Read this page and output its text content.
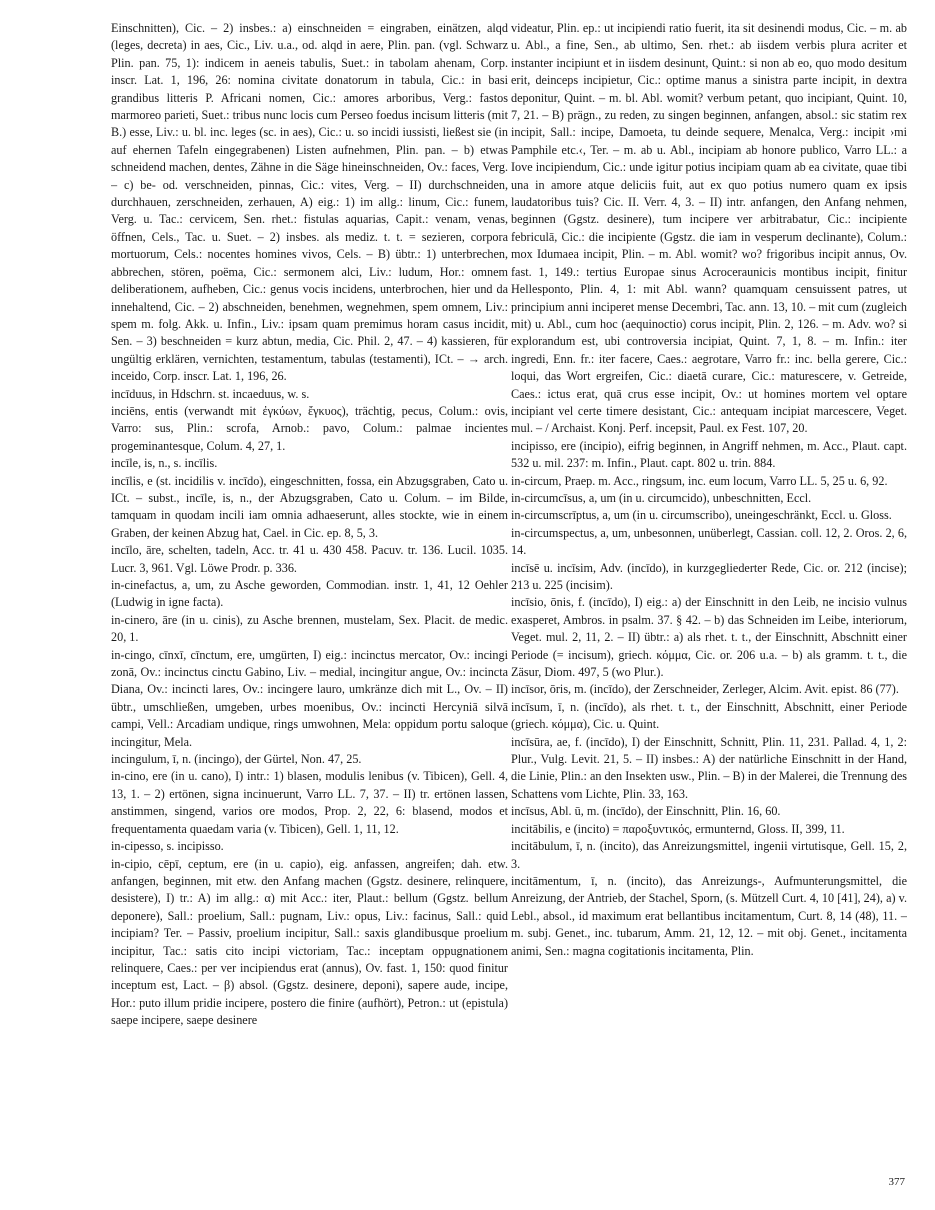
Einschnitten), Cic. – 2) insbes.: a) einschneiden = eingraben, einätzen, alqd (leges, decreta) in aes, Cic., Liv. u.a., od. alqd in aere, Plin. pan. (vgl. Schwarz Plin. pan. 75, 1): indicem in aeneis tabulis, Suet.: in tabolam ahenam, Corp. inscr. Lat. 1, 196, 26: nomina civitate donatorum in tabula, Cic.: in basi grandibus litteris P. Africani nomen, Cic.: amores arboribus, Verg.: fastos marmoreo parieti, Suet.: tribus nunc locis cum Perseo foedus incisum litteris (mit B.) esse, Liv.: u. bl. inc. leges (sc. in aes), Cic.: u. so incidi iussisti, ließest sie (in auf ehernen Tafeln eingegrabenen) Listen aufnehmen, Plin. pan. – b) etwas schneidend machen, dentes, Zähne in die Säge hineinschneiden, Ov.: faces, Verg. – c) be- od. verschneiden, pinnas, Cic.: vites, Verg. – II) durchschneiden, durchhauen, zerschneiden, zerhauen, A) eig.: 1) im allg.: linum, Cic.: funem, Verg. u. Tac.: cervicem, Sen. rhet.: fistulas aquarias, Capit.: venam, venas, öffnen, Cels., Tac. u. Suet. – 2) insbes. als mediz. t. t. = sezieren, corpora mortuorum, Cels.: nocentes homines vivos, Cels. – B) übtr.: 1) unterbrechen, abbrechen, stören, poëma, Cic.: sermonem alci, Liv.: ludum, Hor.: omnem deliberationem, aufheben, Cic.: genus vocis incidens, unterbrochen, hier und da innehaltend, Cic. – 2) abschneiden, benehmen, wegnehmen, spem omnem, Liv.: spem m. folg. Akk. u. Infin., Liv.: ipsam quam premimus horam casus incidit, Sen. – 3) beschneiden = kurz abtun, media, Cic. Phil. 2, 47. – 4) kassieren, für ungültig erklären, vernichten, testamentum, tabulas (testamenti), ICt. – → arch. inceido, Corp. inscr. Lat. 1, 196, 26.

incīduus, in Hdschrn. st. incaeduus, w. s.

inciēns, entis (verwandt mit ἐγκύων, ἔγκυος), trächtig, pecus, Colum.: ovis, Varro: sus, Plin.: scrofa, Arnob.: pavo, Colum.: palmae incientes progeminantesque, Colum. 4, 27, 1.

incīle, is, n., s. incīlis.

incīlis, e (st. incidilis v. incīdo), eingeschnitten, fossa, ein Abzugsgraben, Cato u. ICt. – subst., incīle, is, n., der Abzugsgraben, Cato u. Colum. – im Bilde, tamquam in quodam incili iam omnia adhaeserunt, alles stockte, wie in einem Graben, der keinen Abzug hat, Cael. in Cic. ep. 8, 5, 3.

incīlo, āre, schelten, tadeln, Acc. tr. 41 u. 430 458. Pacuv. tr. 136. Lucil. 1035. Lucr. 3, 961. Vgl. Löwe Prodr. p. 336.

in-cinefactus, a, um, zu Asche geworden, Commodian. instr. 1, 41, 12 Oehler (Ludwig in igne facta).

in-cinero, āre (in u. cinis), zu Asche brennen, mustelam, Sex. Placit. de medic. 20, 1.

in-cingo, cīnxī, cīnctum, ere, umgürten, I) eig.: incinctus mercator, Ov.: incingi zonā, Ov.: incinctus cinctu Gabino, Liv. – medial, incingitur angue, Ov.: incincta Diana, Ov.: incincti lares, Ov.: incingere lauro, umkränze dich mit L., Ov. – II) übtr., umschließen, umgeben, urbes moenibus, Ov.: incincti Hercyniā silvā campi, Vell.: Arcadiam undique, rings umwohnen, Mela: oppidum portu saloque incingitur, Mela.

incingulum, ī, n. (incingo), der Gürtel, Non. 47, 25.

in-cino, ere (in u. cano), I) intr.: 1) blasen, modulis lenibus (v. Tibicen), Gell. 4, 13, 1. – 2) ertönen, signa incinuerunt, Varro LL. 7, 37. – II) tr. ertönen lassen, anstimmen, singend, varios ore modos, Prop. 2, 22, 6: blasend, modos et frequentamenta quaedam varia (v. Tibicen), Gell. 1, 11, 12.

in-cipesso, s. incipisso.

in-cipio, cēpī, ceptum, ere (in u. capio), eig. anfassen, angreifen; dah. etw. anfangen, beginnen, mit etw. den Anfang machen (Ggstz. desinere, relinquere, desistere), I) tr.: A) im allg.: α) mit Acc.: iter, Plaut.: bellum (Ggstz. bellum deponere), Sall.: proelium, Sall.: pugnam, Liv.: opus, Liv.: facinus, Sall.: quid incipiam? Ter. – Passiv, proelium incipitur, Sall.: saxis glandibusque proelium incipitur, Tac.: satis cito incipi victoriam, Tac.: inceptam oppugnationem relinquere, Caes.: per ver incipiendus erat (annus), Ov. fast. 1, 150: quod finitur inceptum est, Lact. – β) absol. (Ggstz. desinere, deponi), sapere aude, incipe, Hor.: puto illum pridie incipere, postero die finire (aufhört), Petron.: ut (epistula) saepe incipere, saepe desinere

videatur, Plin. ep.: ut incipiendi ratio fuerit, ita sit desinendi modus, Cic. – m. ab u. Abl., a fine, Sen., ab ultimo, Sen. rhet.: ab iisdem verbis plura acriter et instanter incipiunt et in iisdem desinunt, Quint.: si non ab eo, quo modo desitum erit, deinceps incipietur, Cic.: optime manus a sinistra parte incipit, in dextra deponitur, Quint. – m. bl. Abl. womit? verbum petant, quo incipiant, Quint. 10, 7, 21. – B) prägn., zu reden, zu singen beginnen, anfangen, absol.: sic statim rex incipit, Sall.: incipe, Damoeta, tu deinde sequere, Menalca, Verg.: incipit ›mi Pamphile etc.‹, Ter. – m. ab u. Abl., incipiam ab honore publico, Varro LL.: a Iove incipiendum, Cic.: unde igitur potius incipiam quam ab ea civitate, quae tibi una in amore atque deliciis fuit, aut ex quo potius numero quam ex ipsis laudatoribus tuis? Cic. II. Verr. 4, 3. – II) intr. anfangen, den Anfang nehmen, beginnen (Ggstz. desinere), tum incipere ver arbitrabatur, Cic.: incipiente febriculā, Cic.: die incipiente (Ggstz. die iam in vesperum declinante), Colum.: mox Idumaea incipit, Plin. – m. Abl. womit? wo? frigoribus incipit annus, Ov. fast. 1, 149.: tertius Europae sinus Acroceraunicis montibus incipit, finitur Hellesponto, Plin. 4, 1: mit Abl. wann? quamquam censuissent patres, ut principium anni inciperet mense Decembri, Tac. ann. 13, 10. – mit cum (zugleich mit) u. Abl., cum hoc (aequinoctio) corus incipit, Plin. 2, 126. – m. Adv. wo? si explorandum est, ubi controversia incipiat, Quint. 7, 1, 8. – m. Infin.: iter ingredi, Enn. fr.: iter facere, Caes.: aegrotare, Varro fr.: inc. bella gerere, Cic.: loqui, das Wort ergreifen, Cic.: diaetā curare, Cic.: maturescere, v. Getreide, Caes.: ictus erat, quā crus esse incipit, Ov.: ut homines mortem vel optare incipiant vel certe timere desistant, Cic.: antequam incipiat marcescere, Veget. mul. – / Archaist. Konj. Perf. incepsit, Paul. ex Fest. 107, 20.

incipisso, ere (incipio), eifrig beginnen, in Angriff nehmen, m. Acc., Plaut. capt. 532 u. mil. 237: m. Infin., Plaut. capt. 802 u. trin. 884.

in-circum, Praep. m. Acc., ringsum, inc. eum locum, Varro LL. 5, 25 u. 6, 92.

in-circumcīsus, a, um (in u. circumcido), unbeschnitten, Eccl.

in-circumscrīptus, a, um (in u. circumscribo), uneingeschränkt, Eccl. u. Gloss.

in-circumspectus, a, um, unbesonnen, unüberlegt, Cassian. coll. 12, 2. Oros. 2, 6, 14.

incīsē u. incīsim, Adv. (incīdo), in kurzgegliederter Rede, Cic. or. 212 (incise); 213 u. 225 (incisim).

incīsio, ōnis, f. (incīdo), I) eig.: a) der Einschnitt in den Leib, ne incisio vulnus exasperet, Ambros. in psalm. 37. § 42. – b) das Schneiden im Leibe, interiorum, Veget. mul. 2, 11, 2. – II) übtr.: a) als rhet. t. t., der Einschnitt, Abschnitt einer Periode (= incisum), griech. κόμμα, Cic. or. 206 u.a. – b) als gramm. t. t., die Zäsur, Diom. 497, 5 (wo Plur.).

incīsor, ōris, m. (incīdo), der Zerschneider, Zerleger, Alcim. Avit. epist. 86 (77).

incīsum, ī, n. (incīdo), als rhet. t. t., der Einschnitt, Abschnitt, einer Periode (griech. κόμμα), Cic. u. Quint.

incīsūra, ae, f. (incīdo), I) der Einschnitt, Schnitt, Plin. 11, 231. Pallad. 4, 1, 2: Plur., Vulg. Levit. 21, 5. – II) insbes.: A) der natürliche Einschnitt in der Hand, die Linie, Plin.: an den Insekten usw., Plin. – B) in der Malerei, die Trennung des Schattens vom Lichte, Plin. 33, 163.

incīsus, Abl. ū, m. (incīdo), der Einschnitt, Plin. 16, 60.

incitābilis, e (incito) = παροξυντικός, ermunternd, Gloss. II, 399, 11.

incitābulum, ī, n. (incito), das Anreizungsmittel, ingenii virtutisque, Gell. 15, 2, 3.

incitāmentum, ī, n. (incito), das Anreizungs-, Aufmunterungsmittel, die Anreizung, der Antrieb, der Stachel, Sporn, (s. Mützell Curt. 4, 10 [41], 24), a) v. Lebl., absol., id maximum erat bellantibus incitamentum, Curt. 8, 14 (48), 11. – m. subj. Genet., inc. tubarum, Amm. 21, 12, 12. – mit obj. Genet., incitamenta animi, Sen.: magna cogitationis incitamenta, Plin.

377
